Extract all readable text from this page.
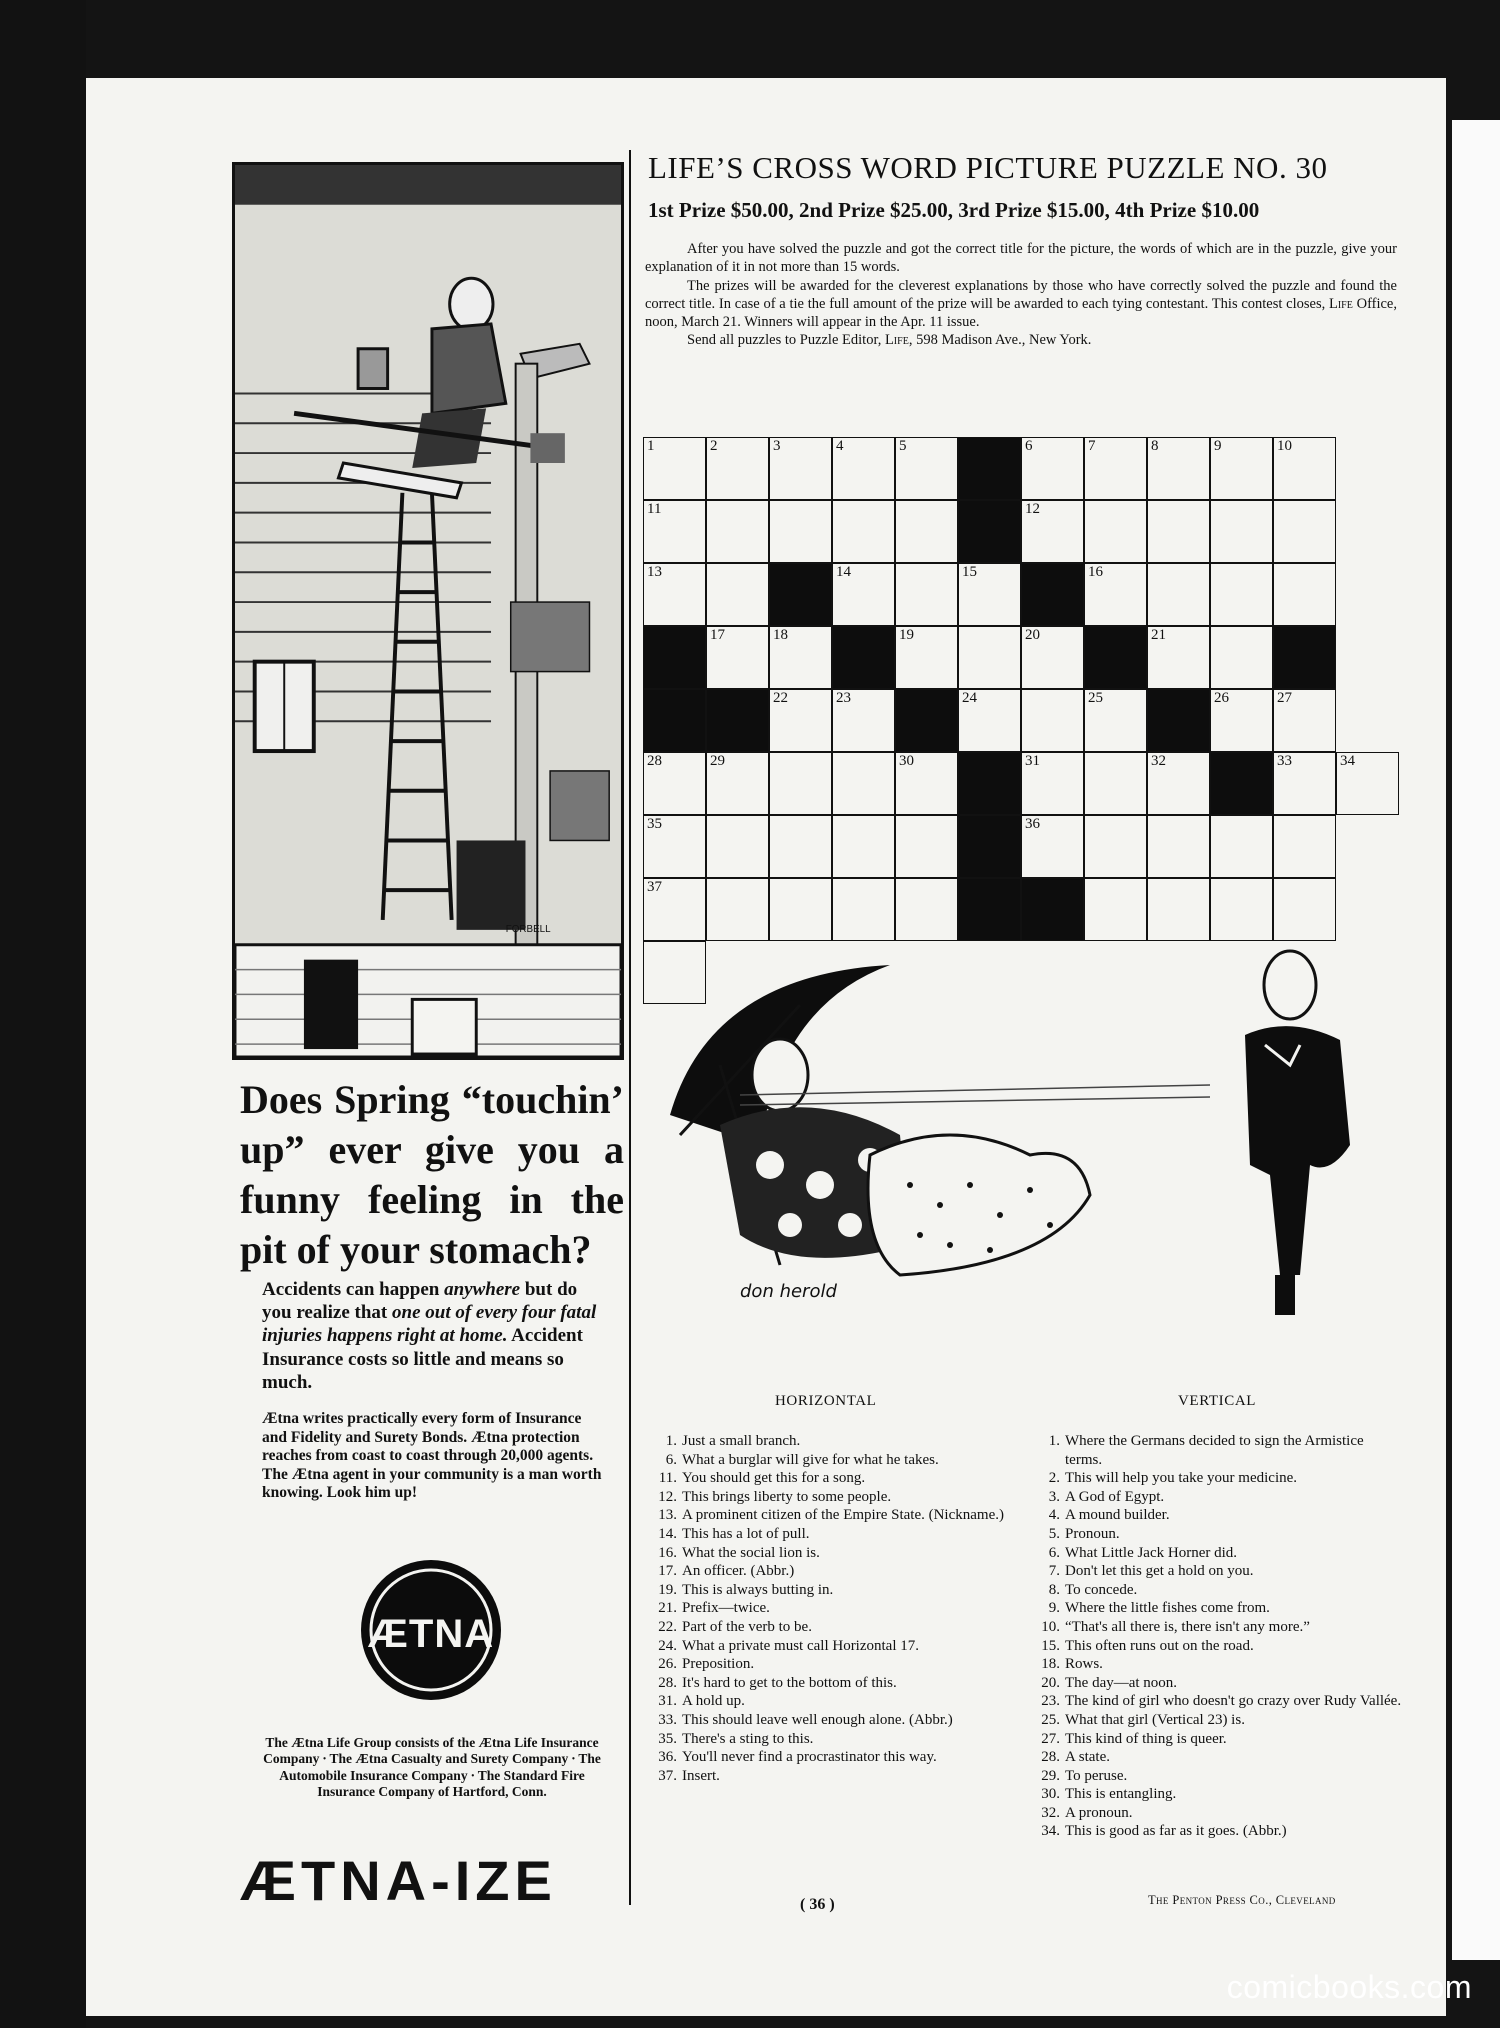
FORBELL
Does Spring “touchin’ up” ever give you a funny feeling in the pit of your stomach?
Accidents can happen anywhere but do you realize that one out of every four fatal injuries happens right at home. Accident Insurance costs so little and means so much.
Ætna writes practically every form of Insurance and Fidelity and Surety Bonds. Ætna protection reaches from coast to coast through 20,000 agents. The Ætna agent in your community is a man worth knowing. Look him up!
ÆTNA
The Ætna Life Group consists of the Ætna Life Insurance Company ⸱ The Ætna Casualty and Surety Company ⸱ The Automobile Insurance Company ⸱ The Standard Fire Insurance Company of Hartford, Conn.
ÆTNA-IZE
LIFE’S CROSS WORD PICTURE PUZZLE NO. 30
1st Prize $50.00, 2nd Prize $25.00, 3rd Prize $15.00, 4th Prize $10.00

After you have solved the puzzle and got the correct title for the picture, the words of which are in the puzzle, give your explanation of it in not more than 15 words.

The prizes will be awarded for the cleverest explanations by those who have correctly solved the puzzle and found the correct title. In case of a tie the full amount of the prize will be awarded to each tying contestant. This contest closes, Life Office, noon, March 21. Winners will appear in the Apr. 11 issue.

Send all puzzles to Puzzle Editor, Life, 598 Madison Ave., New York.

1	2	3	4	5	6	7	8	9	10
11	12
13	14	15	16
17	18	19	20	21
22	23	24	25	26	27
28	29	30	31	32	33	34
35	36
37
don herold
HORIZONTAL	VERTICAL
1. Just a small branch.
6. What a burglar will give for what he takes.
11. You should get this for a song.
12. This brings liberty to some people.
13. A prominent citizen of the Empire State. (Nickname.)
14. This has a lot of pull.
16. What the social lion is.
17. An officer. (Abbr.)
19. This is always butting in.
21. Prefix—twice.
22. Part of the verb to be.
24. What a private must call Horizontal 17.
26. Preposition.
28. It's hard to get to the bottom of this.
31. A hold up.
33. This should leave well enough alone. (Abbr.)
35. There's a sting to this.
36. You'll never find a procrastinator this way.
37. Insert.
1. Where the Germans decided to sign the Armistice terms.
2. This will help you take your medicine.
3. A God of Egypt.
4. A mound builder.
5. Pronoun.
6. What Little Jack Horner did.
7. Don't let this get a hold on you.
8. To concede.
9. Where the little fishes come from.
10. “That's all there is, there isn't any more.”
15. This often runs out on the road.
18. Rows.
20. The day—at noon.
23. The kind of girl who doesn't go crazy over Rudy Vallée.
25. What that girl (Vertical 23) is.
27. This kind of thing is queer.
28. A state.
29. To peruse.
30. This is entangling.
32. A pronoun.
34. This is good as far as it goes. (Abbr.)
( 36 )	The Penton Press Co., Cleveland
comicbooks.com
